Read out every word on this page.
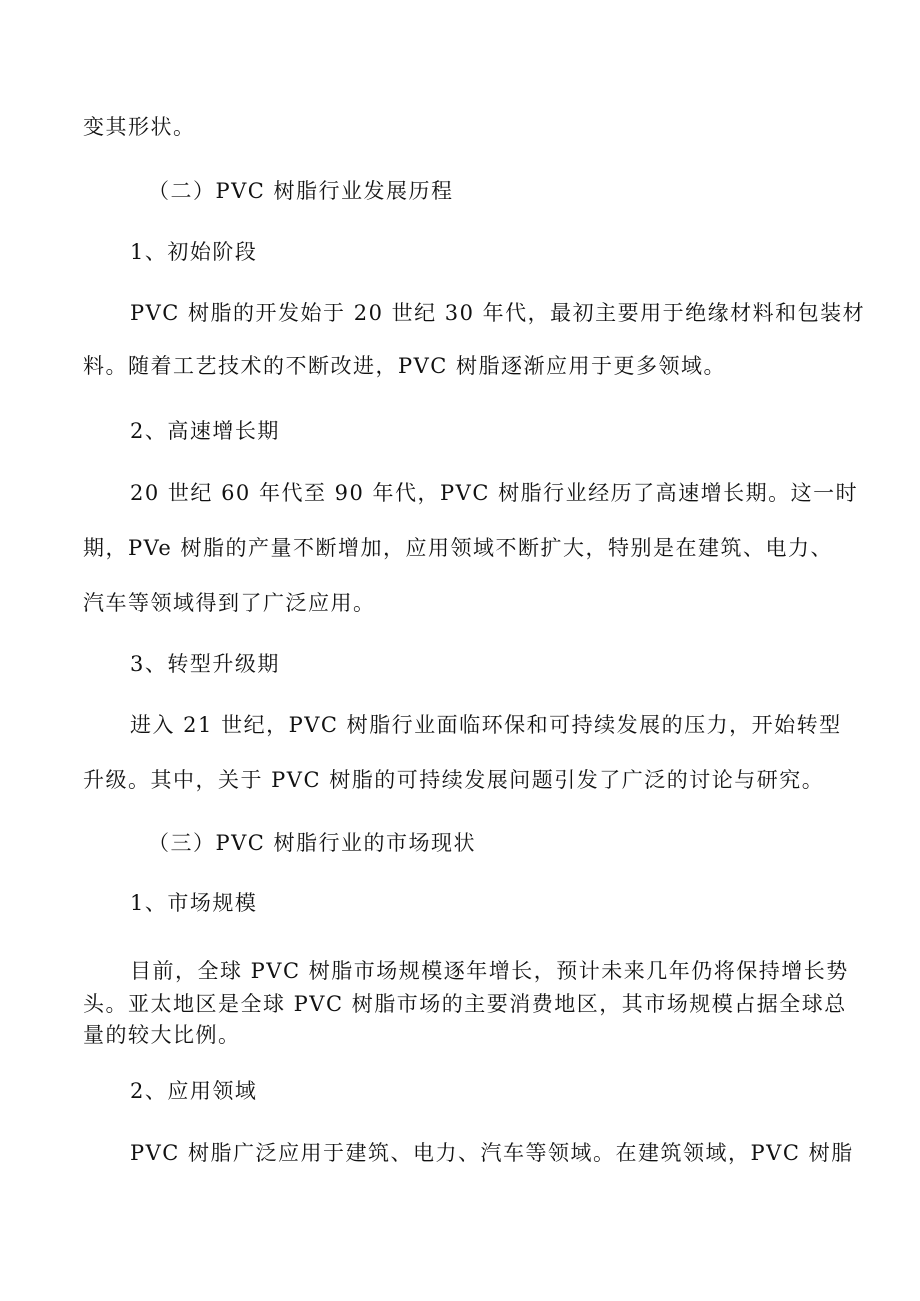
变其形状。
（二）PVC 树脂行业发展历程
1、初始阶段
PVC 树脂的开发始于 20 世纪 30 年代，最初主要用于绝缘材料和包装材
料。随着工艺技术的不断改进，PVC 树脂逐渐应用于更多领域。
2、高速增长期
20 世纪 60 年代至 90 年代，PVC 树脂行业经历了高速增长期。这一时
期，PVe 树脂的产量不断增加，应用领域不断扩大，特别是在建筑、电力、
汽车等领域得到了广泛应用。
3、转型升级期
进入 21 世纪，PVC 树脂行业面临环保和可持续发展的压力，开始转型
升级。其中，关于 PVC 树脂的可持续发展问题引发了广泛的讨论与研究。
（三）PVC 树脂行业的市场现状
1、市场规模
目前，全球 PVC 树脂市场规模逐年增长，预计未来几年仍将保持增长势
头。亚太地区是全球 PVC 树脂市场的主要消费地区，其市场规模占据全球总
量的较大比例。
2、应用领域
PVC 树脂广泛应用于建筑、电力、汽车等领域。在建筑领域，PVC 树脂
